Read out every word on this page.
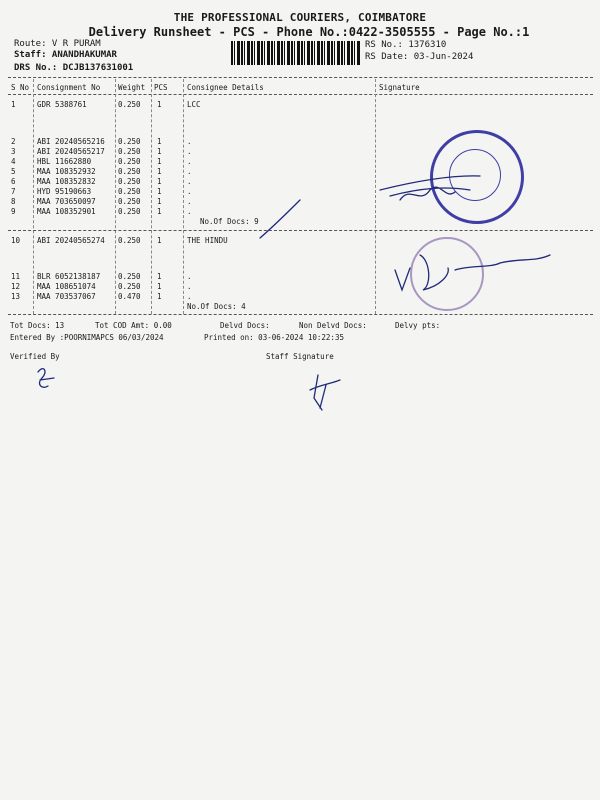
THE PROFESSIONAL COURIERS, COIMBATORE
Delivery Runsheet - PCS - Phone No.:0422-3505555 - Page No.:1
Route: V R PURAM
Staff: ANANDHAKUMAR
DRS No.: DCJB137631001
RS No.: 1376310
RS Date: 03-Jun-2024
S No Consignment No Weight PCS	Consignee Details	Signature
1	GDR 5388761	0.250 1	LCC
2	ABI 20240565216 0.250 1	.
3	ABI 20240565217 0.250 1	.
4	HBL 11662880	0.250 1	.
5	MAA 108352932	0.250 1	.
6	MAA 108352832	0.250 1	.
7	HYD 95190663	0.250 1	.
8	MAA 703650097	0.250 1	.
9	MAA 108352901	0.250 1	.
No.Of Docs: 9
10 ABI 20240565274 0.250 1	THE HINDU
11 BLR 6052138187 0.250 1	.
12 MAA 108651074	0.250 1	.
13 MAA 703537067	0.470 1	.
No.Of Docs: 4
Tot Docs: 13	Tot COD Amt: 0.00	Delvd Docs:	Non Delvd Docs:	Delvy pts:
Entered By :POORNIMAPCS 06/03/2024	Printed on: 03-06-2024 10:22:35
Verified By	Staff Signature
